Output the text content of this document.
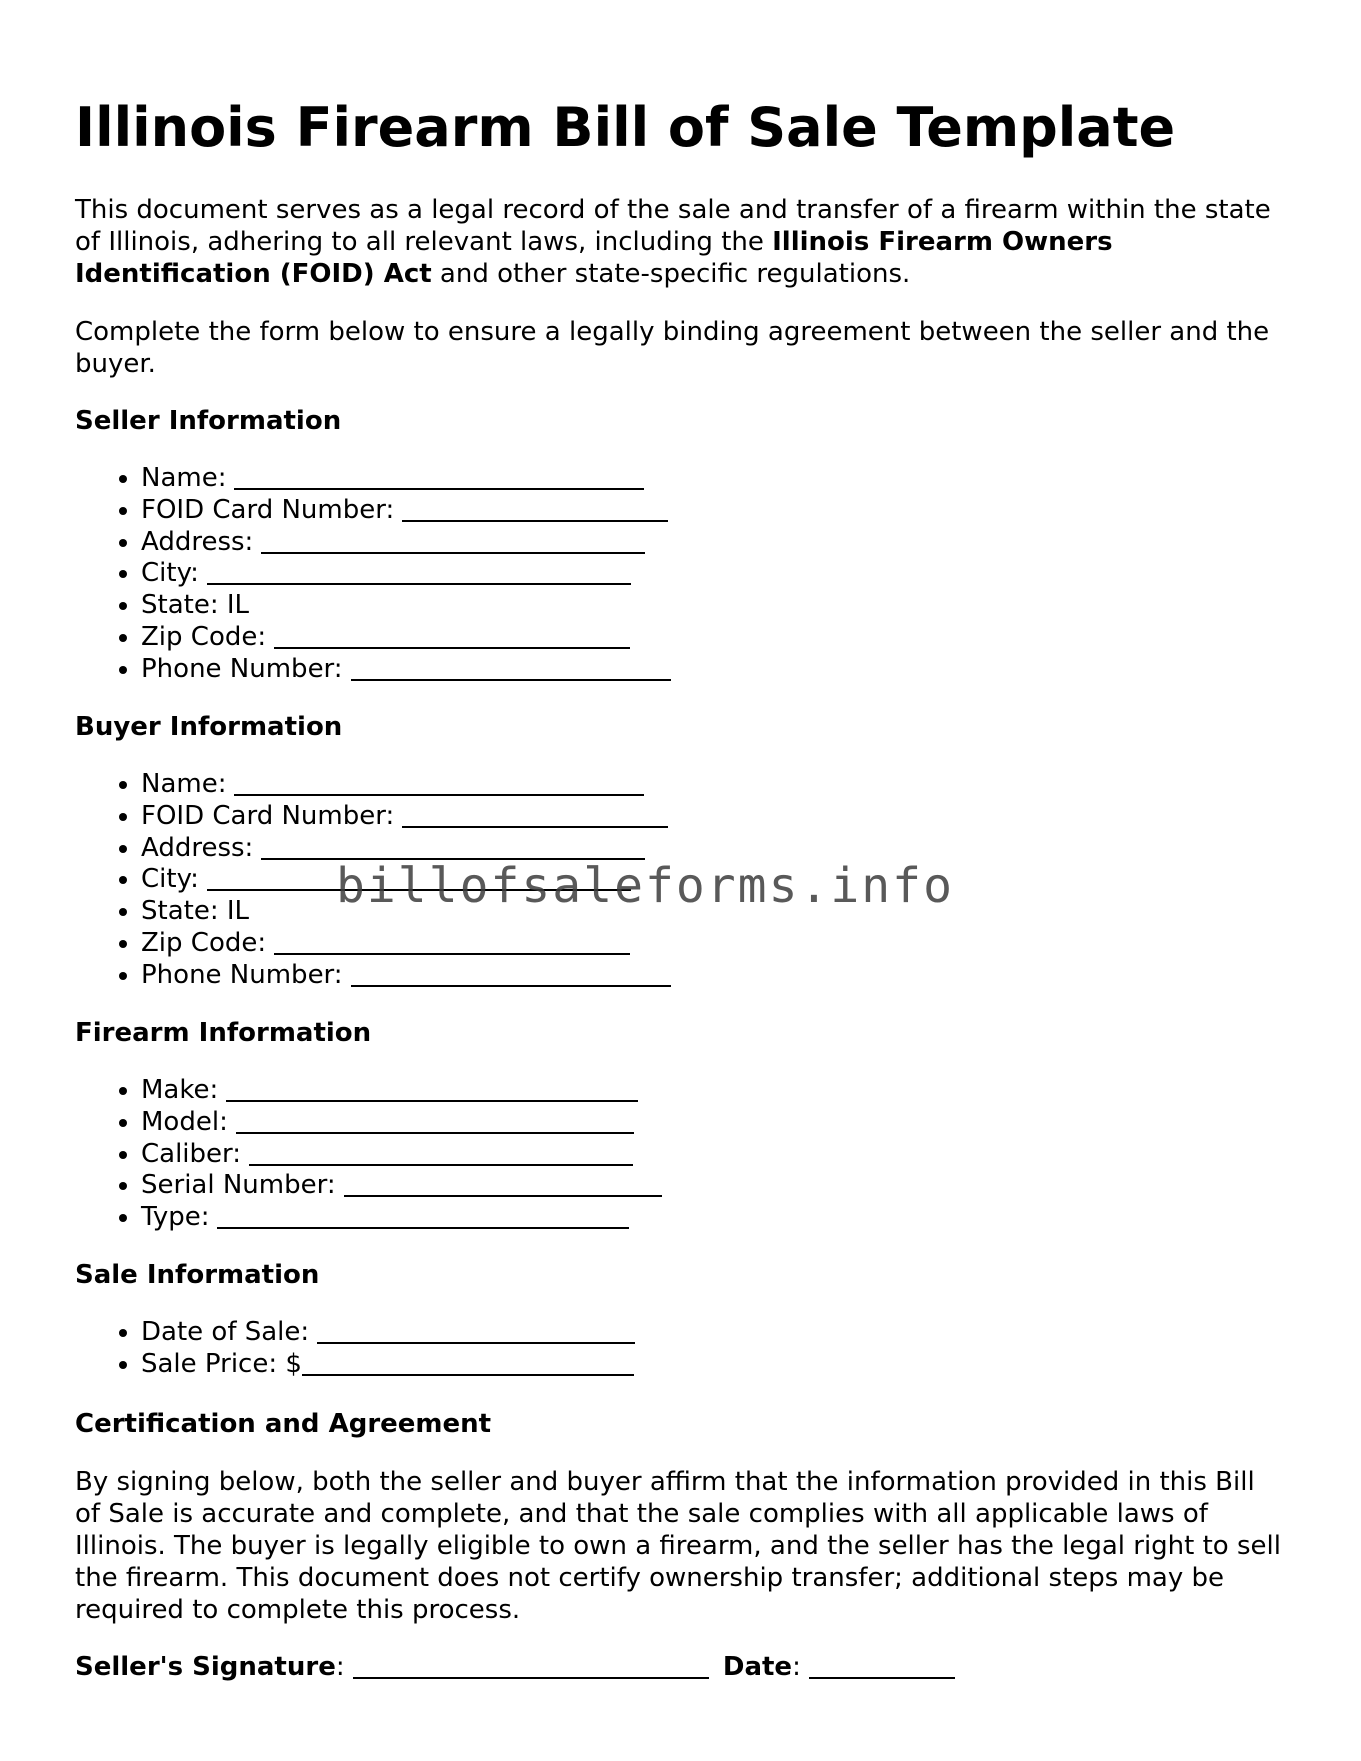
Illinois Firearm Bill of Sale Template

This document serves as a legal record of the sale and transfer of a firearm within the state of Illinois, adhering to all relevant laws, including the Illinois Firearm Owners Identification (FOID) Act and other state-specific regulations.

Complete the form below to ensure a legally binding agreement between the seller and the buyer.

Seller Information

• Name:
• FOID Card Number:
• Address:
• City:
• State: IL
• Zip Code:
• Phone Number:

Buyer Information

• Name:
• FOID Card Number:
• Address:
• City:
• State: IL
• Zip Code:
• Phone Number:

Firearm Information

• Make:
• Model:
• Caliber:
• Serial Number:
• Type:

Sale Information

• Date of Sale:
• Sale Price: $

Certification and Agreement

By signing below, both the seller and buyer affirm that the information provided in this Bill of Sale is accurate and complete, and that the sale complies with all applicable laws of Illinois. The buyer is legally eligible to own a firearm, and the seller has the legal right to sell the firearm. This document does not certify ownership transfer; additional steps may be required to complete this process.

Seller's Signature:	Date:
billofsaleforms.info
